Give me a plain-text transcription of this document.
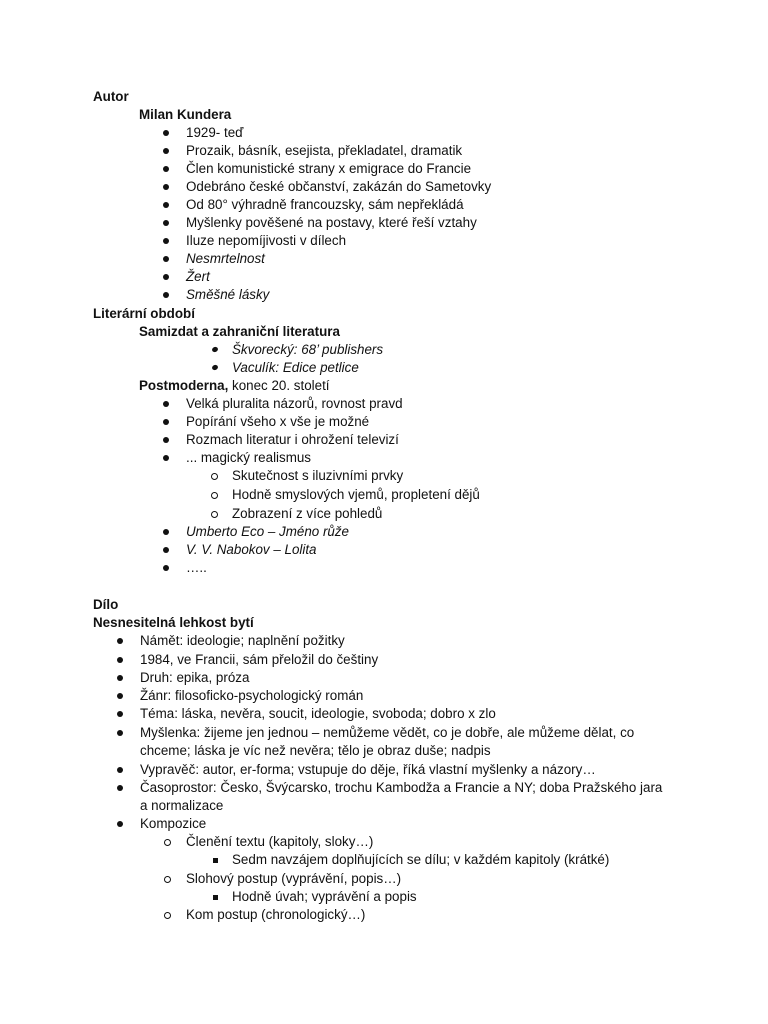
Autor
Milan Kundera
1929- teď
Prozaik, básník, esejista, překladatel, dramatik
Člen komunistické strany x emigrace do Francie
Odebráno české občanství, zakázán do Sametovky
Od 80° výhradně francouzsky, sám nepřekládá
Myšlenky pověšené na postavy, které řeší vztahy
Iluze nepomíjivosti v dílech
Nesmrtelnost
Žert
Směšné lásky
Literární období
Samizdat a zahraniční literatura
Škvorecký: 68’ publishers
Vaculík: Edice petlice
Postmoderna, konec 20. století
Velká pluralita názorů, rovnost pravd
Popírání všeho x vše je možné
Rozmach literatur i ohrožení televizí
... magický realismus
Skutečnost s iluzivními prvky
Hodně smyslových vjemů, propletení dějů
Zobrazení z více pohledů
Umberto Eco – Jméno růže
V. V. Nabokov – Lolita
…..
Dílo
Nesnesitelná lehkost bytí
Námět: ideologie; naplnění požitky
1984, ve Francii, sám přeložil do češtiny
Druh: epika, próza
Žánr: filosoficko-psychologický román
Téma: láska, nevěra, soucit, ideologie, svoboda; dobro x zlo
Myšlenka: žijeme jen jednou – nemůžeme vědět, co je dobře, ale můžeme dělat, co
chceme; láska je víc než nevěra; tělo je obraz duše; nadpis
Vypravěč: autor, er-forma; vstupuje do děje, říká vlastní myšlenky a názory…
Časoprostor: Česko, Švýcarsko, trochu Kambodža a Francie a NY; doba Pražského jara
a normalizace
Kompozice
Členění textu (kapitoly, sloky…)
Sedm navzájem doplňujících se dílu; v každém kapitoly (krátké)
Slohový postup (vyprávění, popis…)
Hodně úvah; vyprávění a popis
Kom postup (chronologický…)
